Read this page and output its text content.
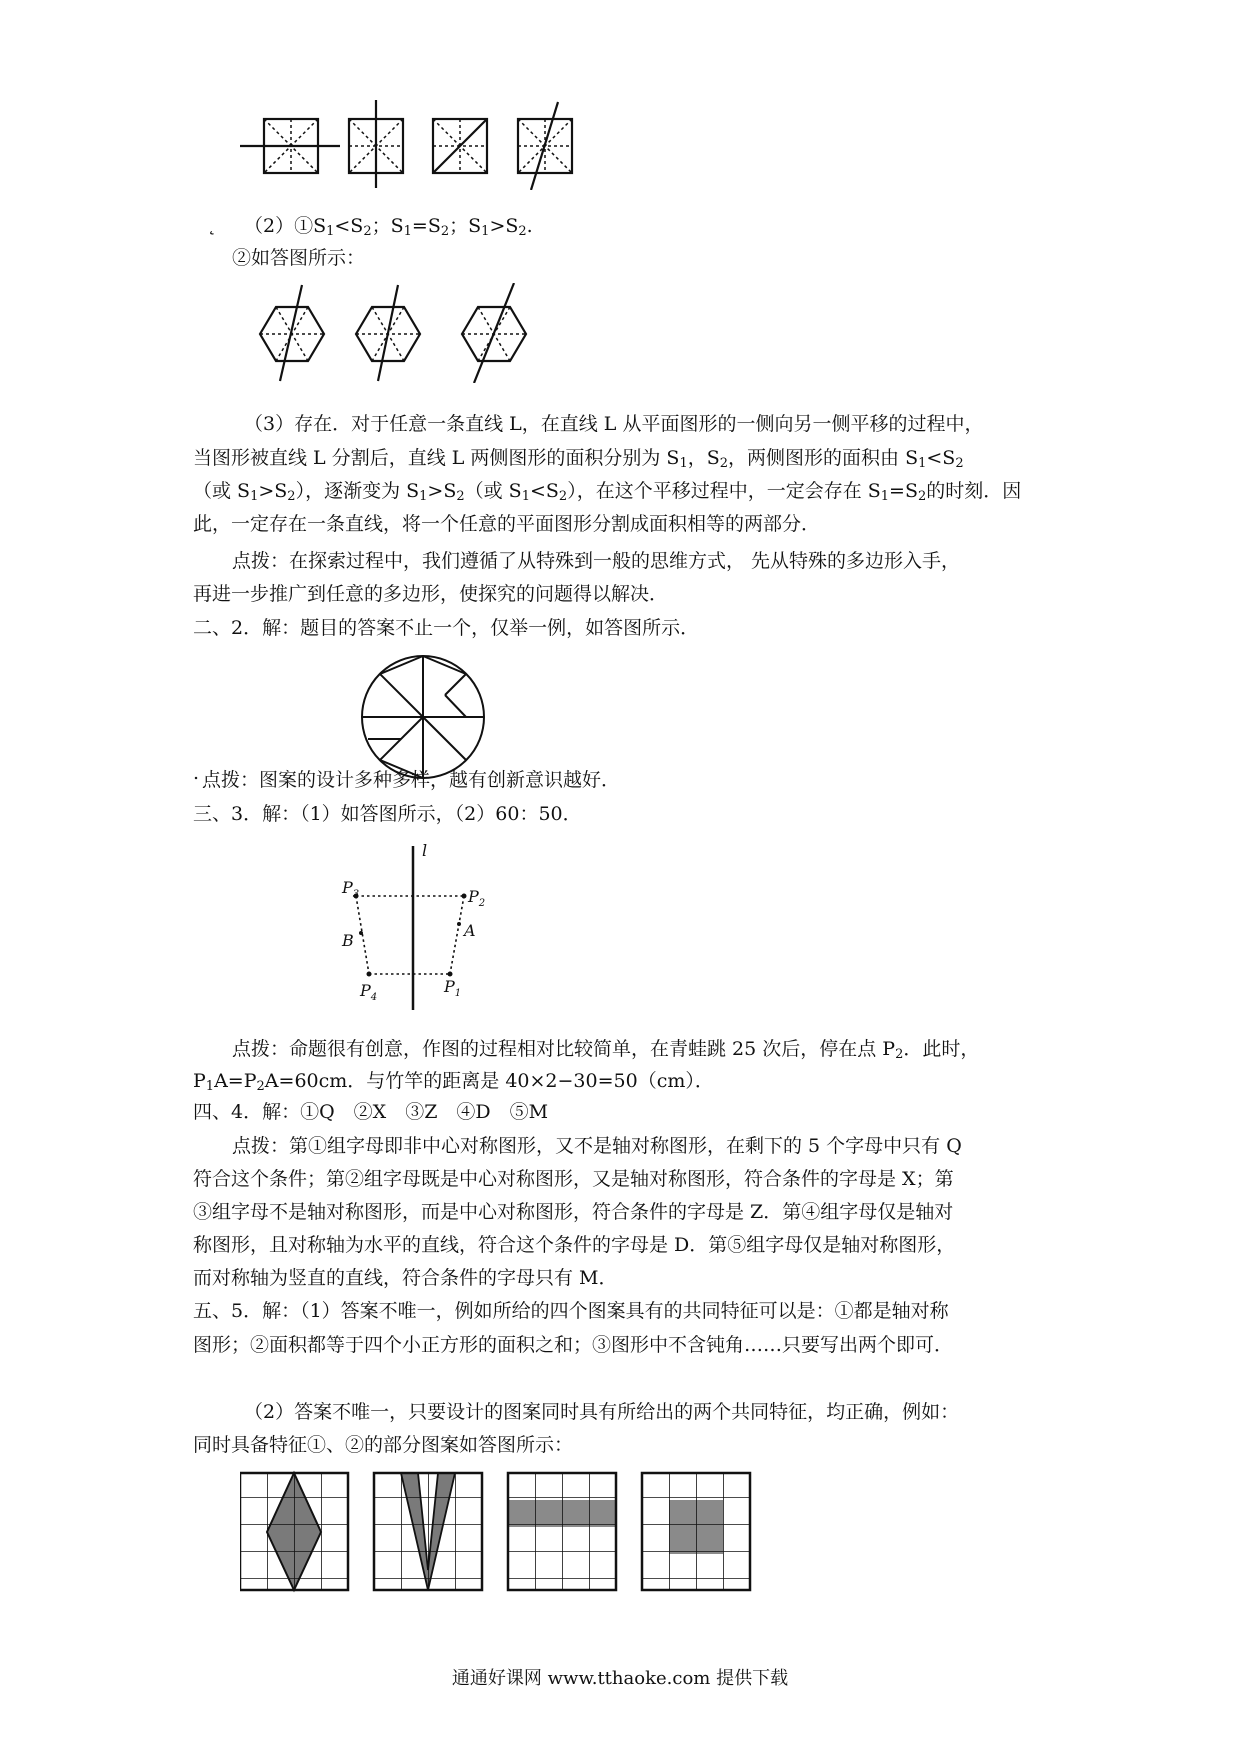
˛ $(2)①S_1<S_2$；$S_1=S_2$；$S_1>S_2$.
②如答图所示：
（3）存在．对于任意一条直线 L，在直线 L 从平面图形的一侧向另一侧平移的过程中，
当图形被直线 L 分割后，直线 L 两侧图形的面积分别为 $S_1$，$S_2$，两侧图形的面积由 $S_1<S_2$
（或 $S_1>S_2$），逐渐变为 $S_1>S_2$（或 $S_1<S_2$），在这个平移过程中，一定会存在 $S_1=S_2$的时刻．因
此，一定存在一条直线，将一个任意的平面图形分割成面积相等的两部分．
点拨：在探索过程中，我们遵循了从特殊到一般的思维方式， 先从特殊的多边形入手，
再进一步推广到任意的多边形，使探究的问题得以解决．
二、2．解：题目的答案不止一个，仅举一例，如答图所示．
. 点拨：图案的设计多种多样，越有创新意识越好．
三、3．解：（1）如答图所示，（2）60：50．
l
$P_3$	$P_2$
A
B
$P_4$
$P_1$
点拨：命题很有创意，作图的过程相对比较简单，在青蛙跳 25 次后，停在点 $P_2$．此时，
$P_1A=P_2A=60cm$．与竹竿的距离是 40×2−30=50（cm）．
四、4．解：①Q　②X　③Z　④D　⑤M
点拨：第①组字母即非中心对称图形，又不是轴对称图形，在剩下的 5 个字母中只有 Q
符合这个条件；第②组字母既是中心对称图形，又是轴对称图形，符合条件的字母是 X；第
③组字母不是轴对称图形，而是中心对称图形，符合条件的字母是 Z．第④组字母仅是轴对
称图形，且对称轴为水平的直线，符合这个条件的字母是 D．第⑤组字母仅是轴对称图形，
而对称轴为竖直的直线，符合条件的字母只有 M．
五、5．解：（1）答案不唯一，例如所给的四个图案具有的共同特征可以是：①都是轴对称
图形；②面积都等于四个小正方形的面积之和；③图形中不含钝角……只要写出两个即可．
（2）答案不唯一，只要设计的图案同时具有所给出的两个共同特征，均正确，例如：
同时具备特征①、②的部分图案如答图所示：
通通好课网 www.tthaoke.com 提供下载
